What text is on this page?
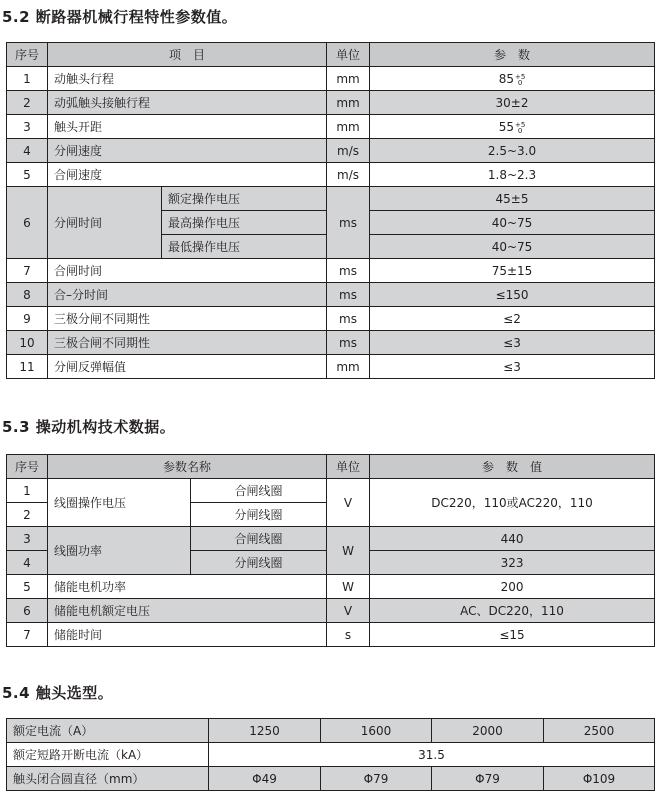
5.2 断路器机械行程特性参数值。
序号	项　目		单位	参　数
1	动触头行程		mm	85 $^{+5 0}$

2	动弧触头接触行程		mm	30±2
3	触头开距		mm	55 $^{+5 0}$

4	分闸速度		m/s	2.5~3.0
5	合闸速度		m/s	1.8~2.3
6	分闸时间	额定操作电压	ms	45±5
		最高操作电压		40~75
		最低操作电压		40~75
7	合闸时间		ms	75±15
8	合–分时间		ms	≤150
9	三极分闸不同期性		ms	≤2
10	三极合闸不同期性		ms	≤3
11	分闸反弹幅值		mm	≤3
5.3 操动机构技术数据。
序号	参数名称		单位	参　数　值
1	线圈操作电压	合闸线圈	V	DC220，110或AC220，110
2		分闸线圈		
3	线圈功率	合闸线圈	W	440
4		分闸线圈		323
5	储能电机功率		W	200
6	储能电机额定电压		V	AC、DC220，110
7	储能时间		s	≤15
5.4 触头选型。
额定电流（A）	1250	1600	2000	2500
额定短路开断电流（kA）	31.5			
触头闭合圆直径（mm）	Φ49	Φ79	Φ79	Φ109
